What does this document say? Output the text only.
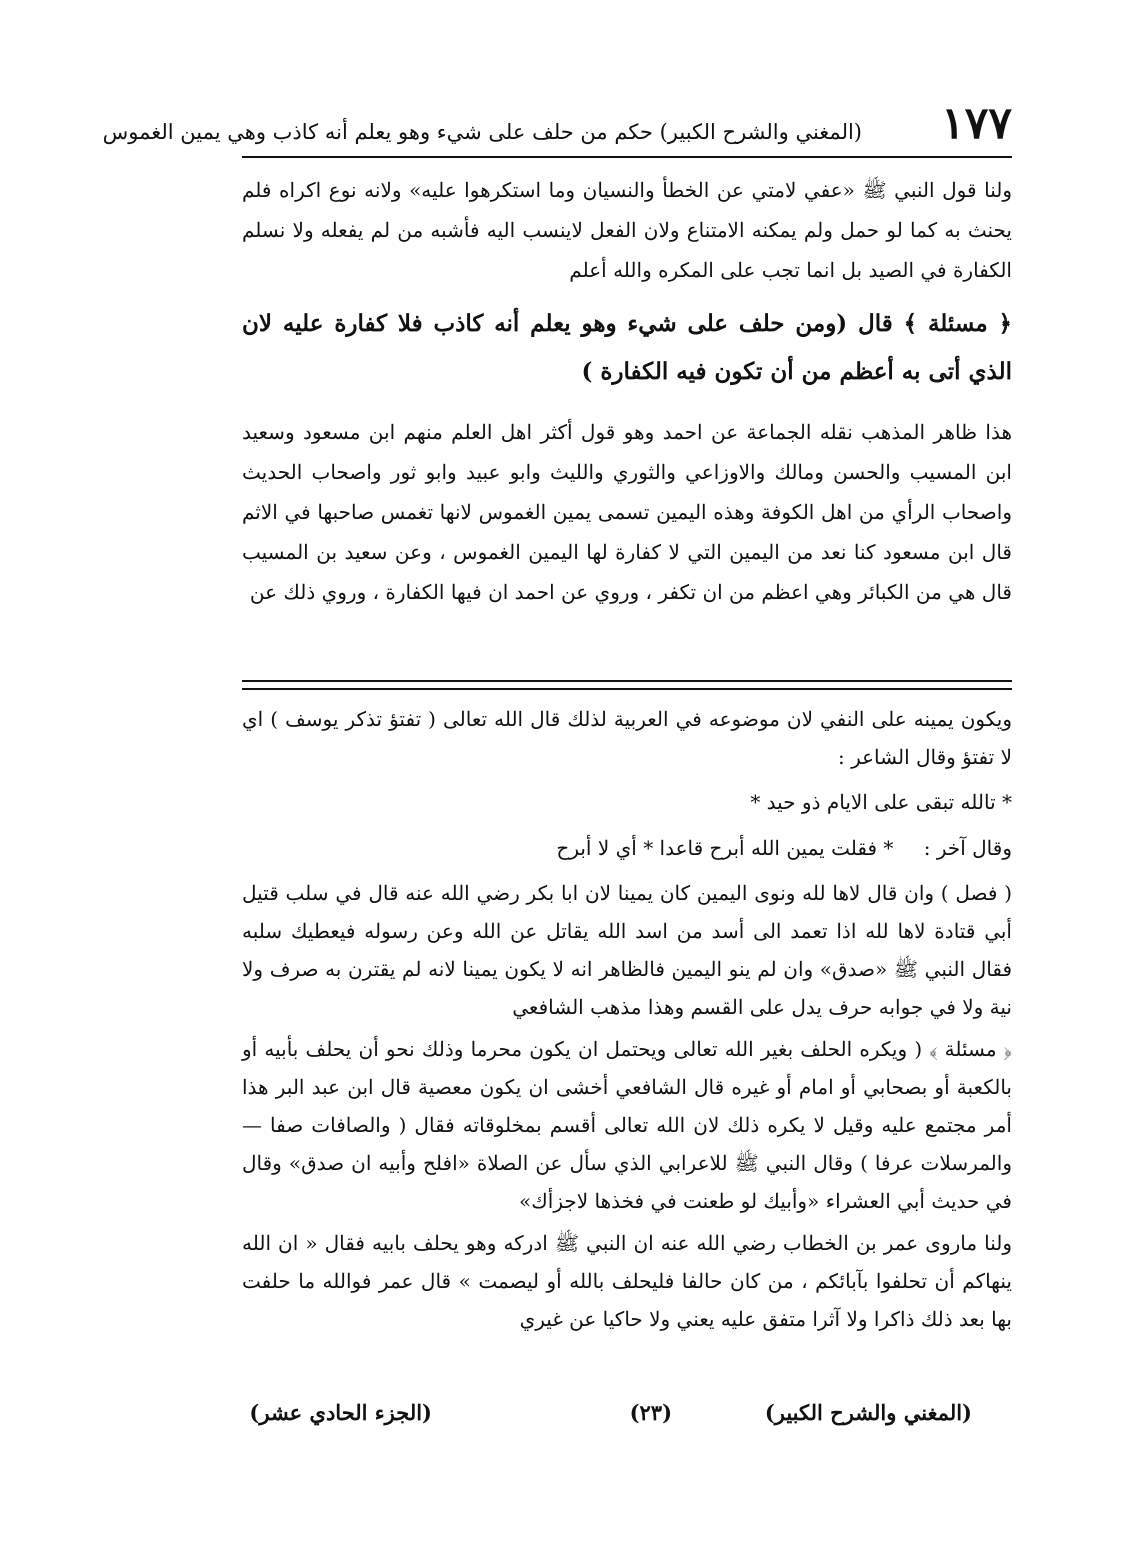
١٧٧
(المغني والشرح الكبير) حكم من حلف على شيء وهو يعلم أنه كاذب وهي يمين الغموس

ولنا قول النبي ﷺ «عفي لامتي عن الخطأ والنسيان وما استكرهوا عليه» ولانه نوع اكراه فلم يحنث به كما لو حمل ولم يمكنه الامتناع ولان الفعل لاينسب اليه فأشبه من لم يفعله ولا نسلم الكفارة في الصيد بل انما تجب على المكره والله أعلم

﴿ مسئلة ﴾ قال (ومن حلف على شيء وهو يعلم أنه كاذب فلا كفارة عليه لان الذي أتى به أعظم من أن تكون فيه الكفارة )

هذا ظاهر المذهب نقله الجماعة عن احمد وهو قول أكثر اهل العلم منهم ابن مسعود وسعيد ابن المسيب والحسن ومالك والاوزاعي والثوري والليث وابو عبيد وابو ثور واصحاب الحديث واصحاب الرأي من اهل الكوفة وهذه اليمين تسمى يمين الغموس لانها تغمس صاحبها في الاثم قال ابن مسعود كنا نعد من اليمين التي لا كفارة لها اليمين الغموس ، وعن سعيد بن المسيب قال هي من الكبائر وهي اعظم من ان تكفر ، وروي عن احمد ان فيها الكفارة ، وروي ذلك عن

ويكون يمينه على النفي لان موضوعه في العربية لذلك قال الله تعالى ( تفتؤ تذكر يوسف ) اي لا تفتؤ وقال الشاعر :

* تالله تبقى على الايام ذو حيد *

وقال آخر : * فقلت يمين الله أبرح قاعدا * أي لا أبرح

( فصل ) وان قال لاها لله ونوى اليمين كان يمينا لان ابا بكر رضي الله عنه قال في سلب قتيل أبي قتادة لاها لله اذا تعمد الى أسد من اسد الله يقاتل عن الله وعن رسوله فيعطيك سلبه فقال النبي ﷺ «صدق» وان لم ينو اليمين فالظاهر انه لا يكون يمينا لانه لم يقترن به صرف ولا نية ولا في جوابه حرف يدل على القسم وهذا مذهب الشافعي

﴿ مسئلة ﴾ ( ويكره الحلف بغير الله تعالى ويحتمل ان يكون محرما وذلك نحو أن يحلف بأبيه أو بالكعبة أو بصحابي أو امام أو غيره قال الشافعي أخشى ان يكون معصية قال ابن عبد البر هذا أمر مجتمع عليه وقيل لا يكره ذلك لان الله تعالى أقسم بمخلوقاته فقال ( والصافات صفا — والمرسلات عرفا ) وقال النبي ﷺ للاعرابي الذي سأل عن الصلاة «افلح وأبيه ان صدق» وقال في حديث أبي العشراء «وأبيك لو طعنت في فخذها لاجزأك»

ولنا ماروى عمر بن الخطاب رضي الله عنه ان النبي ﷺ ادركه وهو يحلف بابيه فقال « ان الله ينهاكم أن تحلفوا بآبائكم ، من كان حالفا فليحلف بالله أو ليصمت » قال عمر فوالله ما حلفت بها بعد ذلك ذاكرا ولا آثرا متفق عليه يعني ولا حاكيا عن غيري

(المغني والشرح الكبير)
(٢٣)
(الجزء الحادي عشر)
